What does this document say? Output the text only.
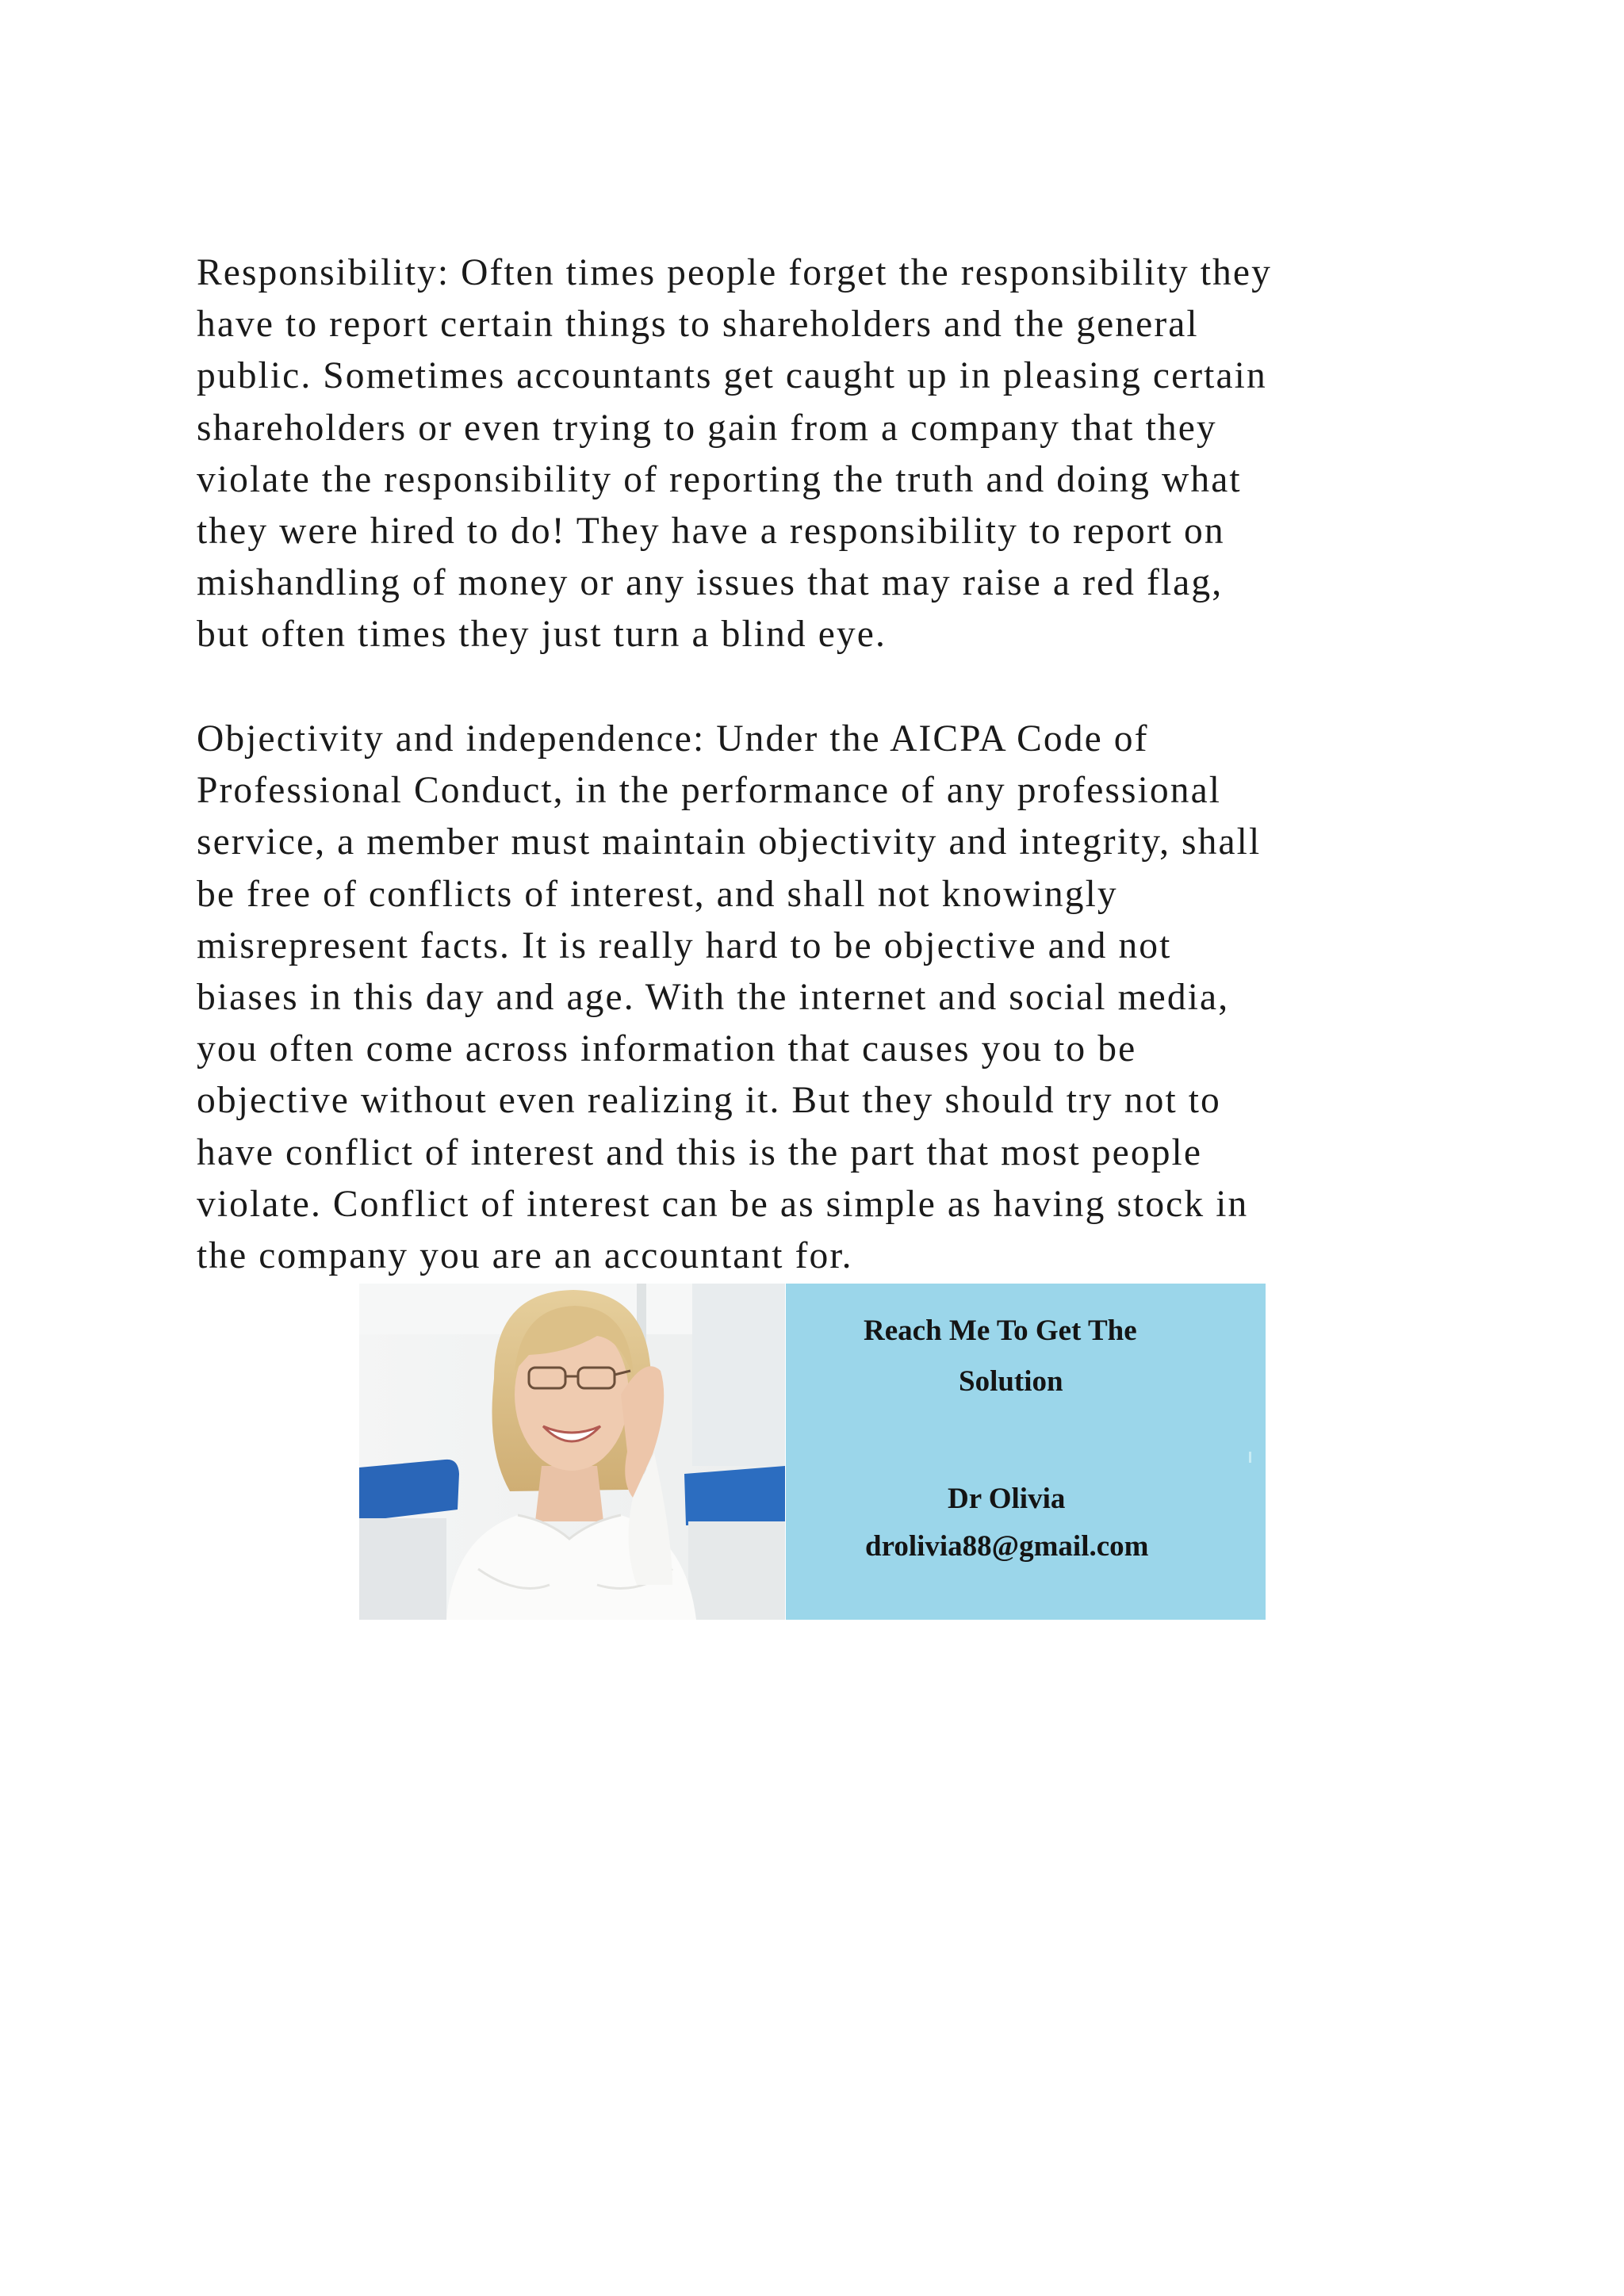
Responsibility: Often times people forget the responsibility they
have to report certain things to shareholders and the general
public. Sometimes accountants get caught up in pleasing certain
shareholders or even trying to gain from a company that they
violate the responsibility of reporting the truth and doing what
they were hired to do! They have a responsibility to report on
mishandling of money or any issues that may raise a red flag,
but often times they just turn a blind eye.
Objectivity and independence: Under the AICPA Code of
Professional Conduct, in the performance of any professional
service, a member must maintain objectivity and integrity, shall
be free of conflicts of interest, and shall not knowingly
misrepresent facts. It is really hard to be objective and not
biases in this day and age. With the internet and social media,
you often come across information that causes you to be
objective without even realizing it. But they should try not to
have conflict of interest and this is the part that most people
violate. Conflict of interest can be as simple as having stock in
the company you are an accountant for.
Reach Me To Get The
Solution
Dr Olivia
drolivia88@gmail.com
